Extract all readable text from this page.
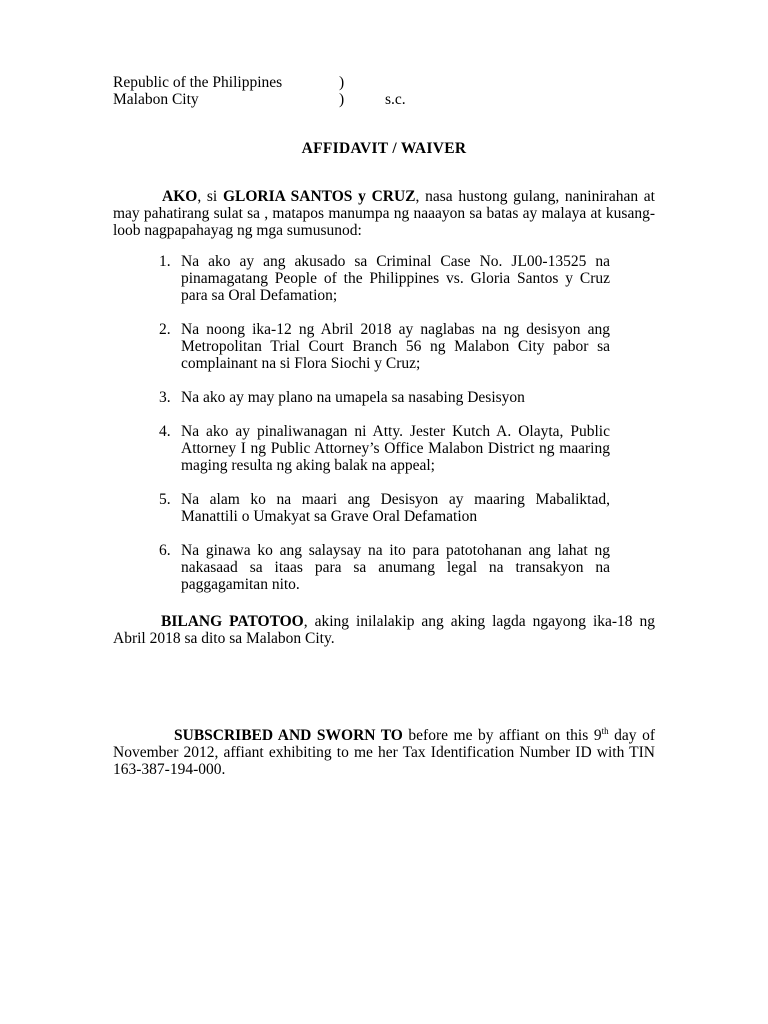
Republic of the Philippines	)
Malabon City	)	s.c.
AFFIDAVIT / WAIVER
AKO, si GLORIA SANTOS y CRUZ, nasa hustong gulang, naninirahan at may pahatirang sulat sa , matapos manumpa ng naaayon sa batas ay malaya at kusang-loob nagpapahayag ng mga sumusunod:
1. Na ako ay ang akusado sa Criminal Case No. JL00-13525 na pinamagatang People of the Philippines vs. Gloria Santos y Cruz para sa Oral Defamation;
2. Na noong ika-12 ng Abril 2018 ay naglabas na ng desisyon ang Metropolitan Trial Court Branch 56 ng Malabon City pabor sa complainant na si Flora Siochi y Cruz;
3. Na ako ay may plano na umapela sa nasabing Desisyon
4. Na ako ay pinaliwanagan ni Atty. Jester Kutch A. Olayta, Public Attorney I ng Public Attorney’s Office Malabon District ng maaring maging resulta ng aking balak na appeal;
5. Na alam ko na maari ang Desisyon ay maaring Mabaliktad, Manattili o Umakyat sa Grave Oral Defamation
6. Na ginawa ko ang salaysay na ito para patotohanan ang lahat ng nakasaad sa itaas para sa anumang legal na transakyon na paggagamitan nito.
BILANG PATOTOO, aking inilalakip ang aking lagda ngayong ika-18 ng Abril 2018 sa dito sa Malabon City.
SUBSCRIBED AND SWORN TO before me by affiant on this 9th day of November 2012, affiant exhibiting to me her Tax Identification Number ID with TIN 163-387-194-000.
